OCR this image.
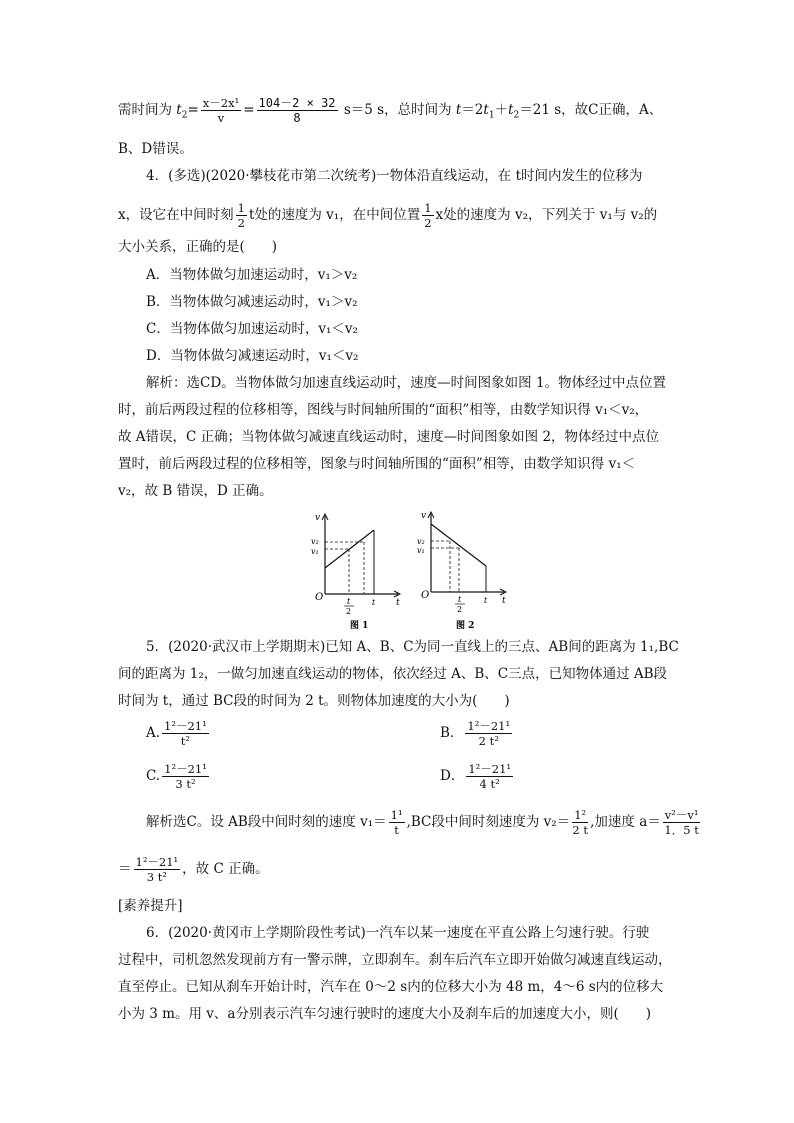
需时间为 $t_2= \frac{\text{x－2x¹}}{v} = \frac{104-2 \times 32}{8} s=5$ s，总时间为 $t=2t_1+t_2=21$ s，故C正确，A、
B、D错误。
4．(多选)(2020·攀枝花市第二次统考)一物体沿直线运动，在 t时间内发生的位移为
x，设它在中间时刻 $\frac{1}{2}$ t处的速度为 v₁，在中间位置 $\frac{1}{2}$ x处的速度为 v₂，下列关于 v₁与 v₂的
大小关系，正确的是(　　)
A．当物体做匀加速运动时，v₁＞v₂
B．当物体做匀减速运动时，v₁＞v₂
C．当物体做匀加速运动时，v₁＜v₂
D．当物体做匀减速运动时，v₁＜v₂
解析：选CD。当物体做匀加速直线运动时，速度—时间图象如图 1。物体经过中点位置
时，前后两段过程的位移相等，图线与时间轴所围的“面积”相等，由数学知识得 v₁＜v₂，
故 A错误，C 正确；当物体做匀减速直线运动时，速度—时间图象如图 2，物体经过中点位
置时，前后两段过程的位移相等，图象与时间轴所围的“面积”相等，由数学知识得 v₁＜
v₂，故 B 错误，D 正确。
v
v₂
v₁
O	t
2
t t
图 1
v
v₂
v₁
O	t
2
t t
图 2
5．(2020·武汉市上学期期末)已知 A、B、C为同一直线上的三点、AB间的距离为 1₁,BC
间的距离为 1₂，一做匀加速直线运动的物体，依次经过 A、B、C三点，已知物体通过 AB段
时间为 t，通过 BC段的时间为 2 t。则物体加速度的大小为(　　)
A. $\frac{\text{1²－21¹}}{\text{t²}}$	B． $\frac{\text{1²－21¹}}{\text{2 t²}}$
C. $\frac{\text{1²－21¹}}{\text{3 t²}}$	D． $\frac{\text{1²－21¹}}{\text{4 t²}}$
解析选C。设 AB段中间时刻的速度 $v_1= \frac{\text{1¹}}{t} ,BC$段中间时刻速度为 $v_2= \frac{\text{1²}}{2 t}$ ,加速度 $a= \frac{\text{v²－v¹}}{1.5 t}$
＝ $\frac{\text{1²－21¹}}{\text{3 t²}}$ ，故 C 正确。
[素养提升]
6．(2020·黄冈市上学期阶段性考试)一汽车以某一速度在平直公路上匀速行驶。行驶
过程中，司机忽然发现前方有一警示牌，立即刹车。刹车后汽车立即开始做匀减速直线运动，
直至停止。已知从刹车开始计时，汽车在 0～2 s内的位移大小为 48 m，4～6 s内的位移大
小为 3 m。用 v、a分别表示汽车匀速行驶时的速度大小及刹车后的加速度大小，则(　　)
